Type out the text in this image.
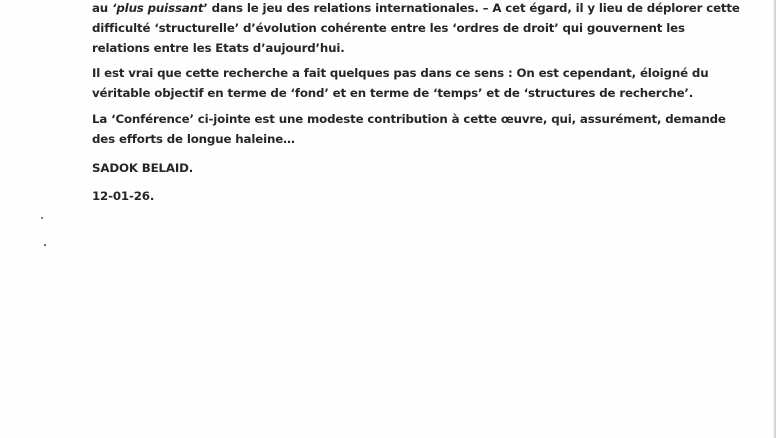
au ‘plus puissant’ dans le jeu des relations internationales. – A cet égard, il y lieu de déplorer cette
difficulté ‘structurelle’ d’évolution cohérente entre les ‘ordres de droit’ qui gouvernent les
relations entre les Etats d’aujourd’hui.
Il est vrai que cette recherche a fait quelques pas dans ce sens : On est cependant, éloigné du
véritable objectif en terme de ‘fond’ et en terme de ‘temps’ et de ‘structures de recherche’.
La ‘Conférence’ ci-jointe est une modeste contribution à cette œuvre, qui, assurément, demande
des efforts de longue haleine…
SADOK BELAID.
12-01-26.
